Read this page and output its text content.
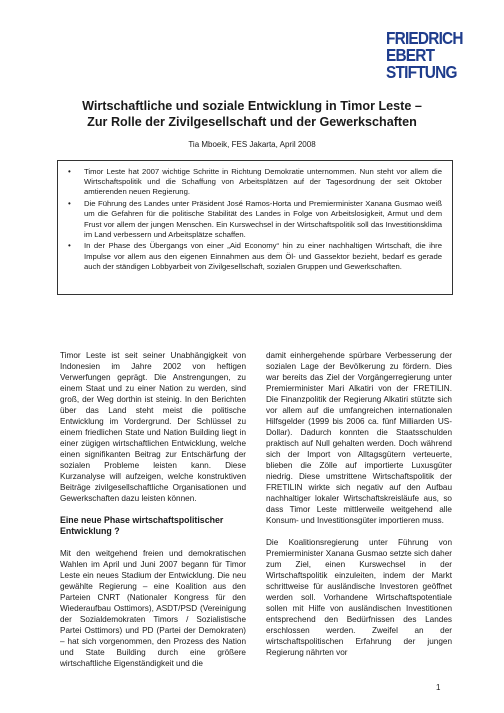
FRIEDRICH
EBERT
STIFTUNG
Wirtschaftliche und soziale Entwicklung in Timor Leste –
Zur Rolle der Zivilgesellschaft und der Gewerkschaften
Tia Mboeik, FES Jakarta, April 2008
• Timor Leste hat 2007 wichtige Schritte in Richtung Demokratie unternommen. Nun steht vor allem die Wirtschaftspolitik und die Schaffung von Arbeitsplätzen auf der Tagesordnung der seit Oktober amtierenden neuen Regierung.
• Die Führung des Landes unter Präsident José Ramos-Horta und Premierminister Xanana Gusmao weiß um die Gefahren für die politische Stabilität des Landes in Folge von Arbeitslosigkeit, Armut und dem Frust vor allem der jungen Menschen. Ein Kurswechsel in der Wirtschaftspolitik soll das Investitionsklima im Land verbessern und Arbeitsplätze schaffen.
• In der Phase des Übergangs von einer „Aid Economy“ hin zu einer nachhaltigen Wirtschaft, die ihre Impulse vor allem aus den eigenen Einnahmen aus dem Öl- und Gassektor bezieht, bedarf es gerade auch der ständigen Lobbyarbeit von Zivilgesellschaft, sozialen Gruppen und Gewerkschaften.

Timor Leste ist seit seiner Unabhängigkeit von Indonesien im Jahre 2002 von heftigen Verwerfungen geprägt. Die Anstrengungen, zu einem Staat und zu einer Nation zu werden, sind groß, der Weg dorthin ist steinig. In den Berichten über das Land steht meist die politische Entwicklung im Vordergrund. Der Schlüssel zu einem friedlichen State und Nation Building liegt in einer zügigen wirtschaftlichen Entwicklung, welche einen signifikanten Beitrag zur Entschärfung der sozialen Probleme leisten kann. Diese Kurzanalyse will aufzeigen, welche konstruktiven Beiträge zivilgesellschaftliche Organisationen und Gewerkschaften dazu leisten können.

Eine neue Phase wirtschaftspolitischer Entwicklung ?

Mit den weitgehend freien und demokratischen Wahlen im April und Juni 2007 begann für Timor Leste ein neues Stadium der Entwicklung. Die neu gewählte Regierung – eine Koalition aus den Parteien CNRT (Nationaler Kongress für den Wiederaufbau Osttimors), ASDT/PSD (Vereinigung der Sozialdemokraten Timors / Sozialistische Partei Osttimors) und PD (Partei der Demokraten) – hat sich vorgenommen, den Prozess des Nation und State Building durch eine größere wirtschaftliche Eigenständigkeit und die

damit einhergehende spürbare Verbesserung der sozialen Lage der Bevölkerung zu fördern. Dies war bereits das Ziel der Vorgängerregierung unter Premierminister Mari Alkatiri von der FRETILIN. Die Finanzpolitik der Regierung Alkatiri stützte sich vor allem auf die umfangreichen internationalen Hilfsgelder (1999 bis 2006 ca. fünf Milliarden US-Dollar). Dadurch konnten die Staatsschulden praktisch auf Null gehalten werden. Doch während sich der Import von Alltagsgütern verteuerte, blieben die Zölle auf importierte Luxusgüter niedrig. Diese umstrittene Wirtschaftspolitik der FRETILIN wirkte sich negativ auf den Aufbau nachhaltiger lokaler Wirtschaftskreisläufe aus, so dass Timor Leste mittlerweile weitgehend alle Konsum- und Investitionsgüter importieren muss.

Die Koalitionsregierung unter Führung von Premierminister Xanana Gusmao setzte sich daher zum Ziel, einen Kurswechsel in der Wirtschaftspolitik einzuleiten, indem der Markt schrittweise für ausländische Investoren geöffnet werden soll. Vorhandene Wirtschaftspotentiale sollen mit Hilfe von ausländischen Investitionen entsprechend den Bedürfnissen des Landes erschlossen werden. Zweifel an der wirtschaftspolitischen Erfahrung der jungen Regierung nährten vor

1
